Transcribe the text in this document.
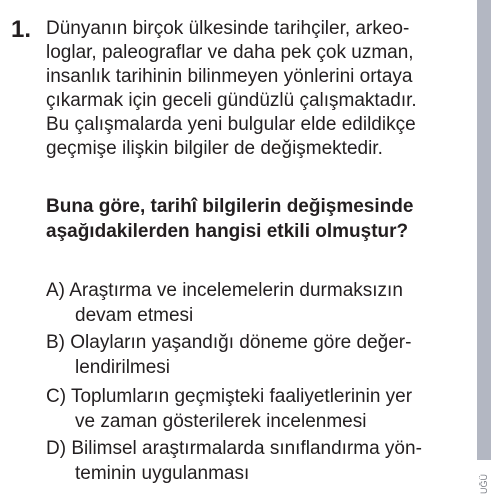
1. Dünyanın birçok ülkesinde tarihçiler, arkeo-
loglar, paleograflar ve daha pek çok uzman,
insanlık tarihinin bilinmeyen yönlerini ortaya
çıkarmak için geceli gündüzlü çalışmaktadır.
Bu çalışmalarda yeni bulgular elde edildikçe
geçmişe ilişkin bilgiler de değişmektedir.
Buna göre, tarihî bilgilerin değişmesinde
aşağıdakilerden hangisi etkili olmuştur?
A) Araştırma ve incelemelerin durmaksızın
devam etmesi
B) Olayların yaşandığı döneme göre değer-
lendirilmesi
C) Toplumların geçmişteki faaliyetlerinin yer
ve zaman gösterilerek incelenmesi
D) Bilimsel araştırmalarda sınıflandırma yön-
teminin uygulanması	UĞÜ
